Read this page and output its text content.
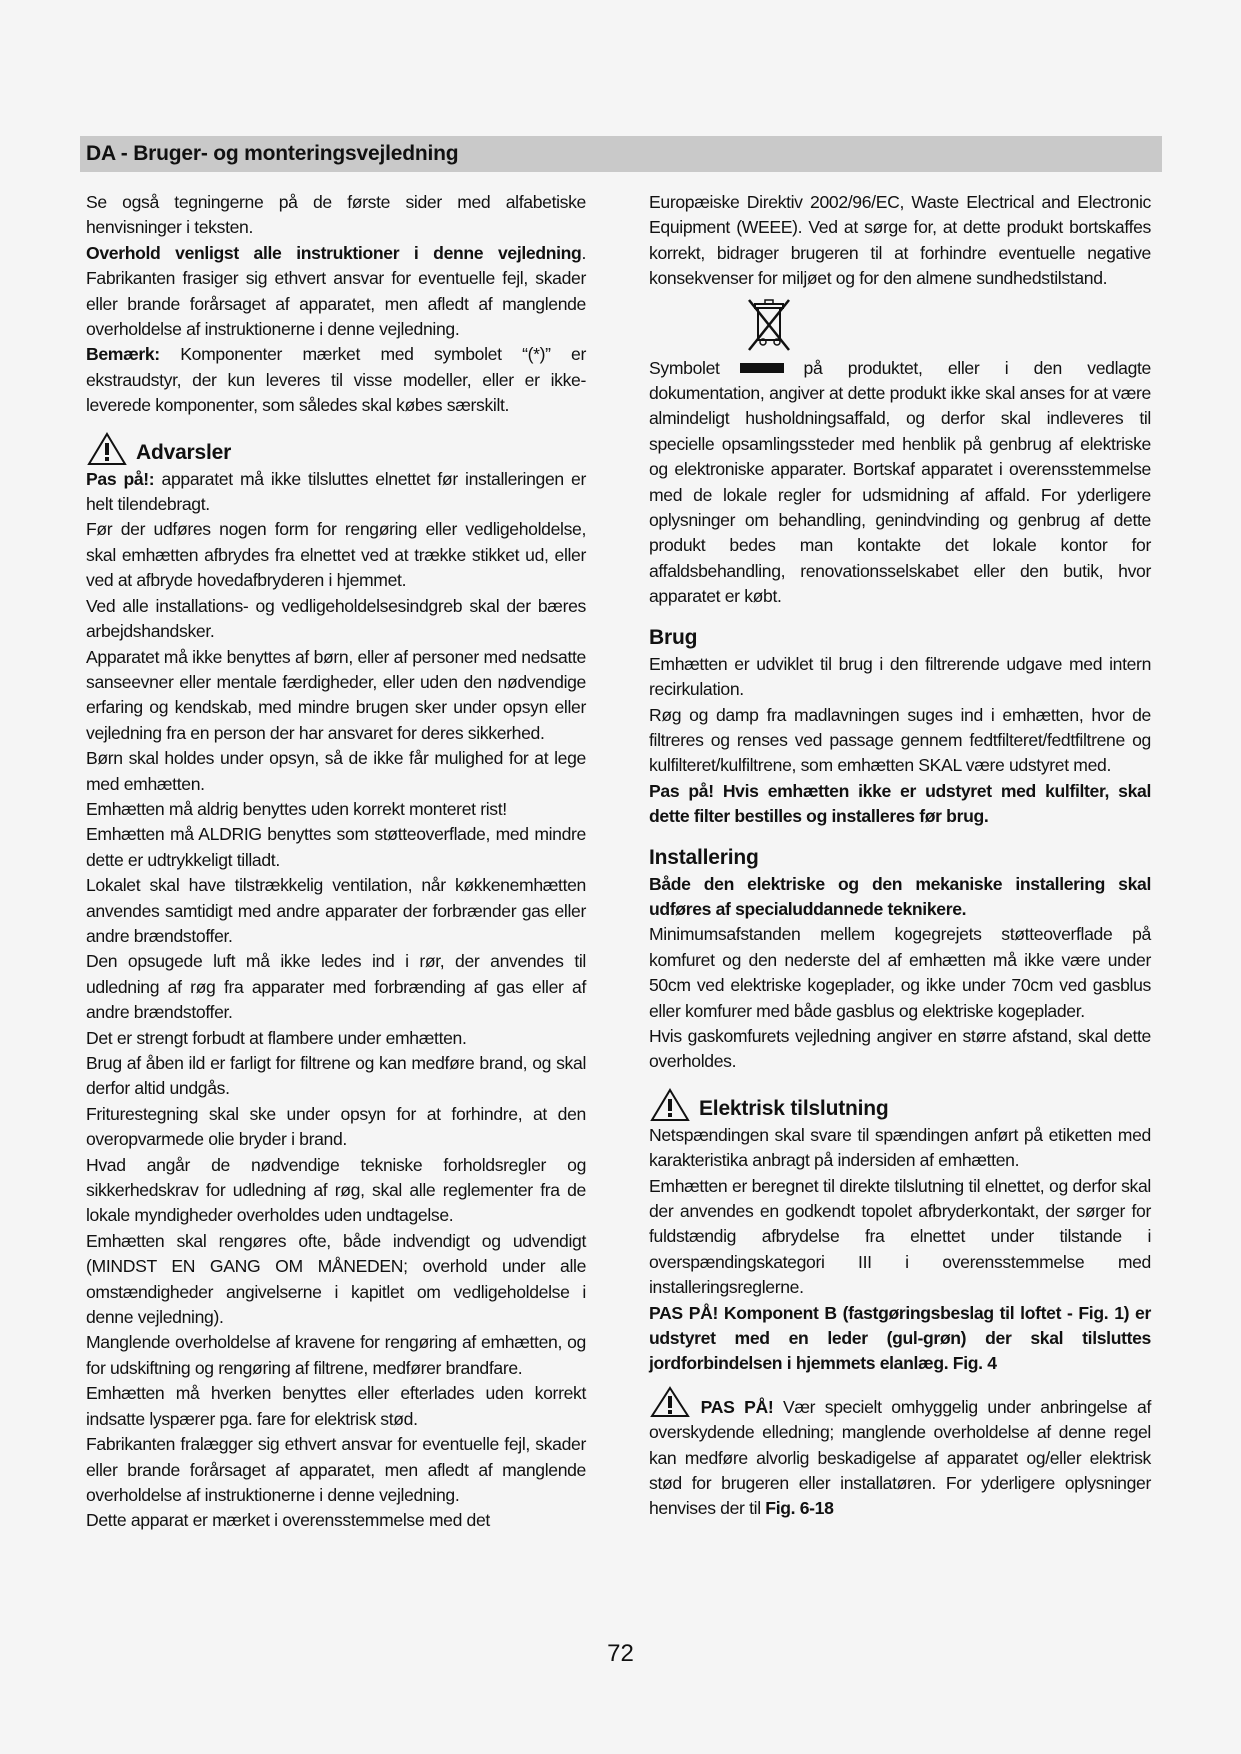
DA - Bruger- og monteringsvejledning

Se også tegningerne på de første sider med alfabetiske henvisninger i teksten.

Overhold venligst alle instruktioner i denne vejledning. Fabrikanten frasiger sig ethvert ansvar for eventuelle fejl, skader eller brande forårsaget af apparatet, men afledt af manglende overholdelse af instruktionerne i denne vejledning.

Bemærk: Komponenter mærket med symbolet “(*)” er ekstraudstyr, der kun leveres til visse modeller, eller er ikke-leverede komponenter, som således skal købes særskilt.

Advarsler

Pas på!: apparatet må ikke tilsluttes elnettet før installeringen er helt tilendebragt.

Før der udføres nogen form for rengøring eller vedligeholdelse, skal emhætten afbrydes fra elnettet ved at trække stikket ud, eller ved at afbryde hovedafbryderen i hjemmet.

Ved alle installations- og vedligeholdelsesindgreb skal der bæres arbejdshandsker.

Apparatet må ikke benyttes af børn, eller af personer med nedsatte sanseevner eller mentale færdigheder, eller uden den nødvendige erfaring og kendskab, med mindre brugen sker under opsyn eller vejledning fra en person der har ansvaret for deres sikkerhed.

Børn skal holdes under opsyn, så de ikke får mulighed for at lege med emhætten.

Emhætten må aldrig benyttes uden korrekt monteret rist!

Emhætten må ALDRIG benyttes som støtteoverflade, med mindre dette er udtrykkeligt tilladt.

Lokalet skal have tilstrækkelig ventilation, når køkkenemhætten anvendes samtidigt med andre apparater der forbrænder gas eller andre brændstoffer.

Den opsugede luft må ikke ledes ind i rør, der anvendes til udledning af røg fra apparater med forbrænding af gas eller af andre brændstoffer.

Det er strengt forbudt at flambere under emhætten.

Brug af åben ild er farligt for filtrene og kan medføre brand, og skal derfor altid undgås.

Friturestegning skal ske under opsyn for at forhindre, at den overopvarmede olie bryder i brand.

Hvad angår de nødvendige tekniske forholdsregler og sikkerhedskrav for udledning af røg, skal alle reglementer fra de lokale myndigheder overholdes uden undtagelse.

Emhætten skal rengøres ofte, både indvendigt og udvendigt (MINDST EN GANG OM MÅNEDEN; overhold under alle omstændigheder angivelserne i kapitlet om vedligeholdelse i denne vejledning).

Manglende overholdelse af kravene for rengøring af emhætten, og for udskiftning og rengøring af filtrene, medfører brandfare.

Emhætten må hverken benyttes eller efterlades uden korrekt indsatte lyspærer pga. fare for elektrisk stød.

Fabrikanten fralægger sig ethvert ansvar for eventuelle fejl, skader eller brande forårsaget af apparatet, men afledt af manglende overholdelse af instruktionerne i denne vejledning.

Dette apparat er mærket i overensstemmelse med det

Europæiske Direktiv 2002/96/EC, Waste Electrical and Electronic Equipment (WEEE). Ved at sørge for, at dette produkt bortskaffes korrekt, bidrager brugeren til at forhindre eventuelle negative konsekvenser for miljøet og for den almene sundhedstilstand.

Symbolet	på produktet, eller i den vedlagte

dokumentation, angiver at dette produkt ikke skal anses for at være almindeligt husholdningsaffald, og derfor skal indleveres til specielle opsamlingssteder med henblik på genbrug af elektriske og elektroniske apparater. Bortskaf apparatet i overensstemmelse med de lokale regler for udsmidning af affald. For yderligere oplysninger om behandling, genindvinding og genbrug af dette produkt bedes man kontakte det lokale kontor for affaldsbehandling, renovationsselskabet eller den butik, hvor apparatet er købt.

Brug

Emhætten er udviklet til brug i den filtrerende udgave med intern recirkulation.

Røg og damp fra madlavningen suges ind i emhætten, hvor de filtreres og renses ved passage gennem fedtfilteret/fedtfiltrene og kulfilteret/kulfiltrene, som emhætten SKAL være udstyret med.

Pas på! Hvis emhætten ikke er udstyret med kulfilter, skal dette filter bestilles og installeres før brug.

Installering

Både den elektriske og den mekaniske installering skal udføres af specialuddannede teknikere.

Minimumsafstanden mellem kogegrejets støtteoverflade på komfuret og den nederste del af emhætten må ikke være under 50cm ved elektriske kogeplader, og ikke under 70cm ved gasblus eller komfurer med både gasblus og elektriske kogeplader.

Hvis gaskomfurets vejledning angiver en større afstand, skal dette overholdes.

Elektrisk tilslutning

Netspændingen skal svare til spændingen anført på etiketten med karakteristika anbragt på indersiden af emhætten.

Emhætten er beregnet til direkte tilslutning til elnettet, og derfor skal der anvendes en godkendt topolet afbryderkontakt, der sørger for fuldstændig afbrydelse fra elnettet under tilstande i overspændingskategori III i overensstemmelse med installeringsreglerne.

PAS PÅ! Komponent B (fastgøringsbeslag til loftet - Fig. 1) er udstyret med en leder (gul-grøn) der skal tilsluttes jordforbindelsen i hjemmets elanlæg. Fig. 4

PAS PÅ! Vær specielt omhyggelig under anbringelse af overskydende elledning; manglende overholdelse af denne regel kan medføre alvorlig beskadigelse af apparatet og/eller elektrisk stød for brugeren eller installatøren. For yderligere oplysninger henvises der til Fig. 6-18

72
